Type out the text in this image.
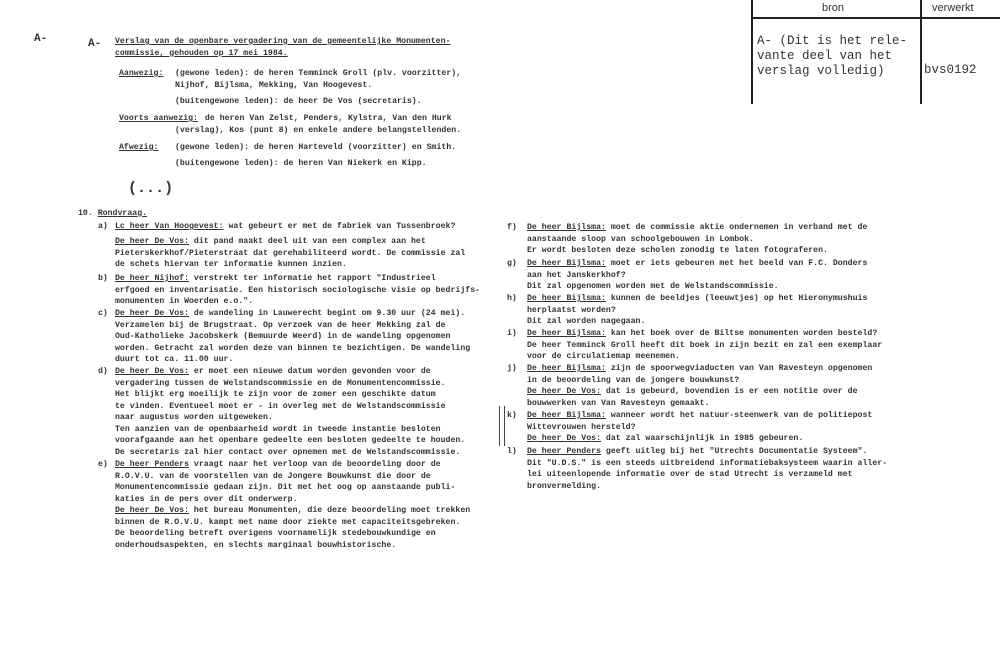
bron	verwerkt
A- (Dit is het rele-
vante deel van het
verslag volledig)	bvs0192
A-	A- Verslag van de openbare vergadering van de gemeentelijke Monumenten-
commissie, gehouden op 17 mei 1984.
Aanwezig: (gewone leden): de heren Temminck Groll (plv. voorzitter),
Nijhof, Bijlsma, Mekking, Van Hoogevest.
(buitengewone leden): de heer De Vos (secretaris).
Voorts aanwezig: de heren Van Zelst, Penders, Kylstra, Van den Hurk
(verslag), Kos (punt 8) en enkele andere belangstellenden.
Afwezig: (gewone leden): de heren Harteveld (voorzitter) en Smith.
(buitengewone leden): de heren Van Niekerk en Kipp.
(...)
10. Rondvraag.
a) Lc heer Van Hoogevest: wat gebeurt er met de fabriek van Tussenbroek?
De heer De Vos: dit pand maakt deel uit van een complex aan het
Pieterskerkhof/Pieterstraat dat gerehabiliteerd wordt. De commissie zal
de schets hiervan ter informatie kunnen inzien.
b) De heer Nijhof: verstrekt ter informatie het rapport "Industrieel
erfgoed en inventarisatie. Een historisch sociologische visie op bedrijfs-
monumenten in Woerden e.o.".
c) De heer De Vos: de wandeling in Lauwerecht begint om 9.30 uur (24 mei).
Verzamelen bij de Brugstraat. Op verzoek van de heer Mekking zal de
Oud-Katholieke Jacobskerk (Bemuurde Weerd) in de wandeling opgenomen
worden. Getracht zal worden deze van binnen te bezichtigen. De wandeling
duurt tot ca. 11.00 uur.
d) De heer De Vos: er moet een nieuwe datum worden gevonden voor de
vergadering tussen de Welstandscommissie en de Monumentencommissie.
Het blijkt erg moeilijk te zijn voor de zomer een geschikte datum
te vinden. Eventueel moet er - in overleg met de Welstandscommissie
naar augustus worden uitgeweken.
Ten aanzien van de openbaarheid wordt in tweede instantie besloten
voorafgaande aan het openbare gedeelte een besloten gedeelte te houden.
De secretaris zal hier contact over opnemen met de Welstandscommissie.
e) De heer Penders vraagt naar het verloop van de beoordeling door de
R.O.V.U. van de voorstellen van de Jongere Bouwkunst die door de
Monumentencommissie gedaan zijn. Dit met het oog op aanstaande publi-
katies in de pers over dit onderwerp.
De heer De Vos: het bureau Monumenten, die deze beoordeling moet trekken
binnen de R.O.V.U. kampt met name door ziekte met capaciteitsgebreken.
De beoordeling betreft overigens voornamelijk stedebouwkundige en
onderhoudsaspekten, en slechts marginaal bouwhistorische.
f) De heer Bijlsma: moet de commissie aktie ondernemen in verband met de
aanstaande sloop van schoolgebouwen in Lombok.
Er wordt besloten deze scholen zonodig te laten fotograferen.
g) De heer Bijlsma: moet er iets gebeuren met het beeld van F.C. Donders
aan het Janskerkhof?
Dit zal opgenomen worden met de Welstandscommissie.
h) De heer Bijlsma: kunnen de beeldjes (leeuwtjes) op het Hieronymushuis
herplaatst worden?
Dit zal worden nagegaan.
i) De heer Bijlsma: kan het boek over de Biltse monumenten worden besteld?
De heer Temminck Groll heeft dit boek in zijn bezit en zal een exemplaar
voor de circulatiemap meenemen.
j) De heer Bijlsma: zijn de spoorwegviaducten van Van Ravesteyn opgenomen
in de beoordeling van de jongere bouwkunst?
De heer De Vos: dat is gebeurd, bovendien is er een notitie over de
bouwwerken van Van Ravesteyn gemaakt.
k) De heer Bijlsma: wanneer wordt het natuur-steenwerk van de politiepost
Wittevrouwen hersteld?
De heer De Vos: dat zal waarschijnlijk in 1985 gebeuren.
l) De heer Penders geeft uitleg bij het "Utrechts Documentatie Systeem".
Dit "U.D.S." is een steeds uitbreidend informatiebaksysteem waarin aller-
lei uiteenlopende informatie over de stad Utrecht is verzameld met
bronvermelding.
